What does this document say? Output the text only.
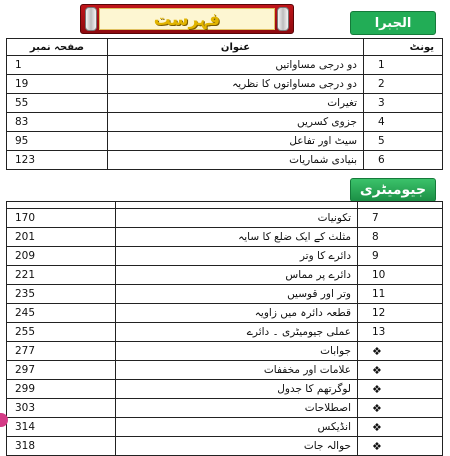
فہرست	الجبرا
صفحہ نمبر	عنوان	یونٹ
1	دو درجی مساواتیں	1
19	دو درجی مساواتوں کا نظریہ	2
55	تغیرات	3
83	جزوی کسریں	4
95	سیٹ اور تفاعل	5
123	بنیادی شماریات	6
جیومیٹری

170	تکونیات	7
201	مثلث کے ایک ضلع کا سایہ	8
209	دائرے کا وتر	9
221	دائرے پر مماس	10
235	وتر اور قوسیں	11
245	قطعہ دائرہ میں زاویہ	12
255	عملی جیومیٹری ۔ دائرے	13
277	جوابات	❖
297	علامات اور مخففات	❖
299	لوگرتھم کا جدول	❖
303	اصطلاحات	❖
314	انڈیکس	❖
318	حوالہ جات	❖
